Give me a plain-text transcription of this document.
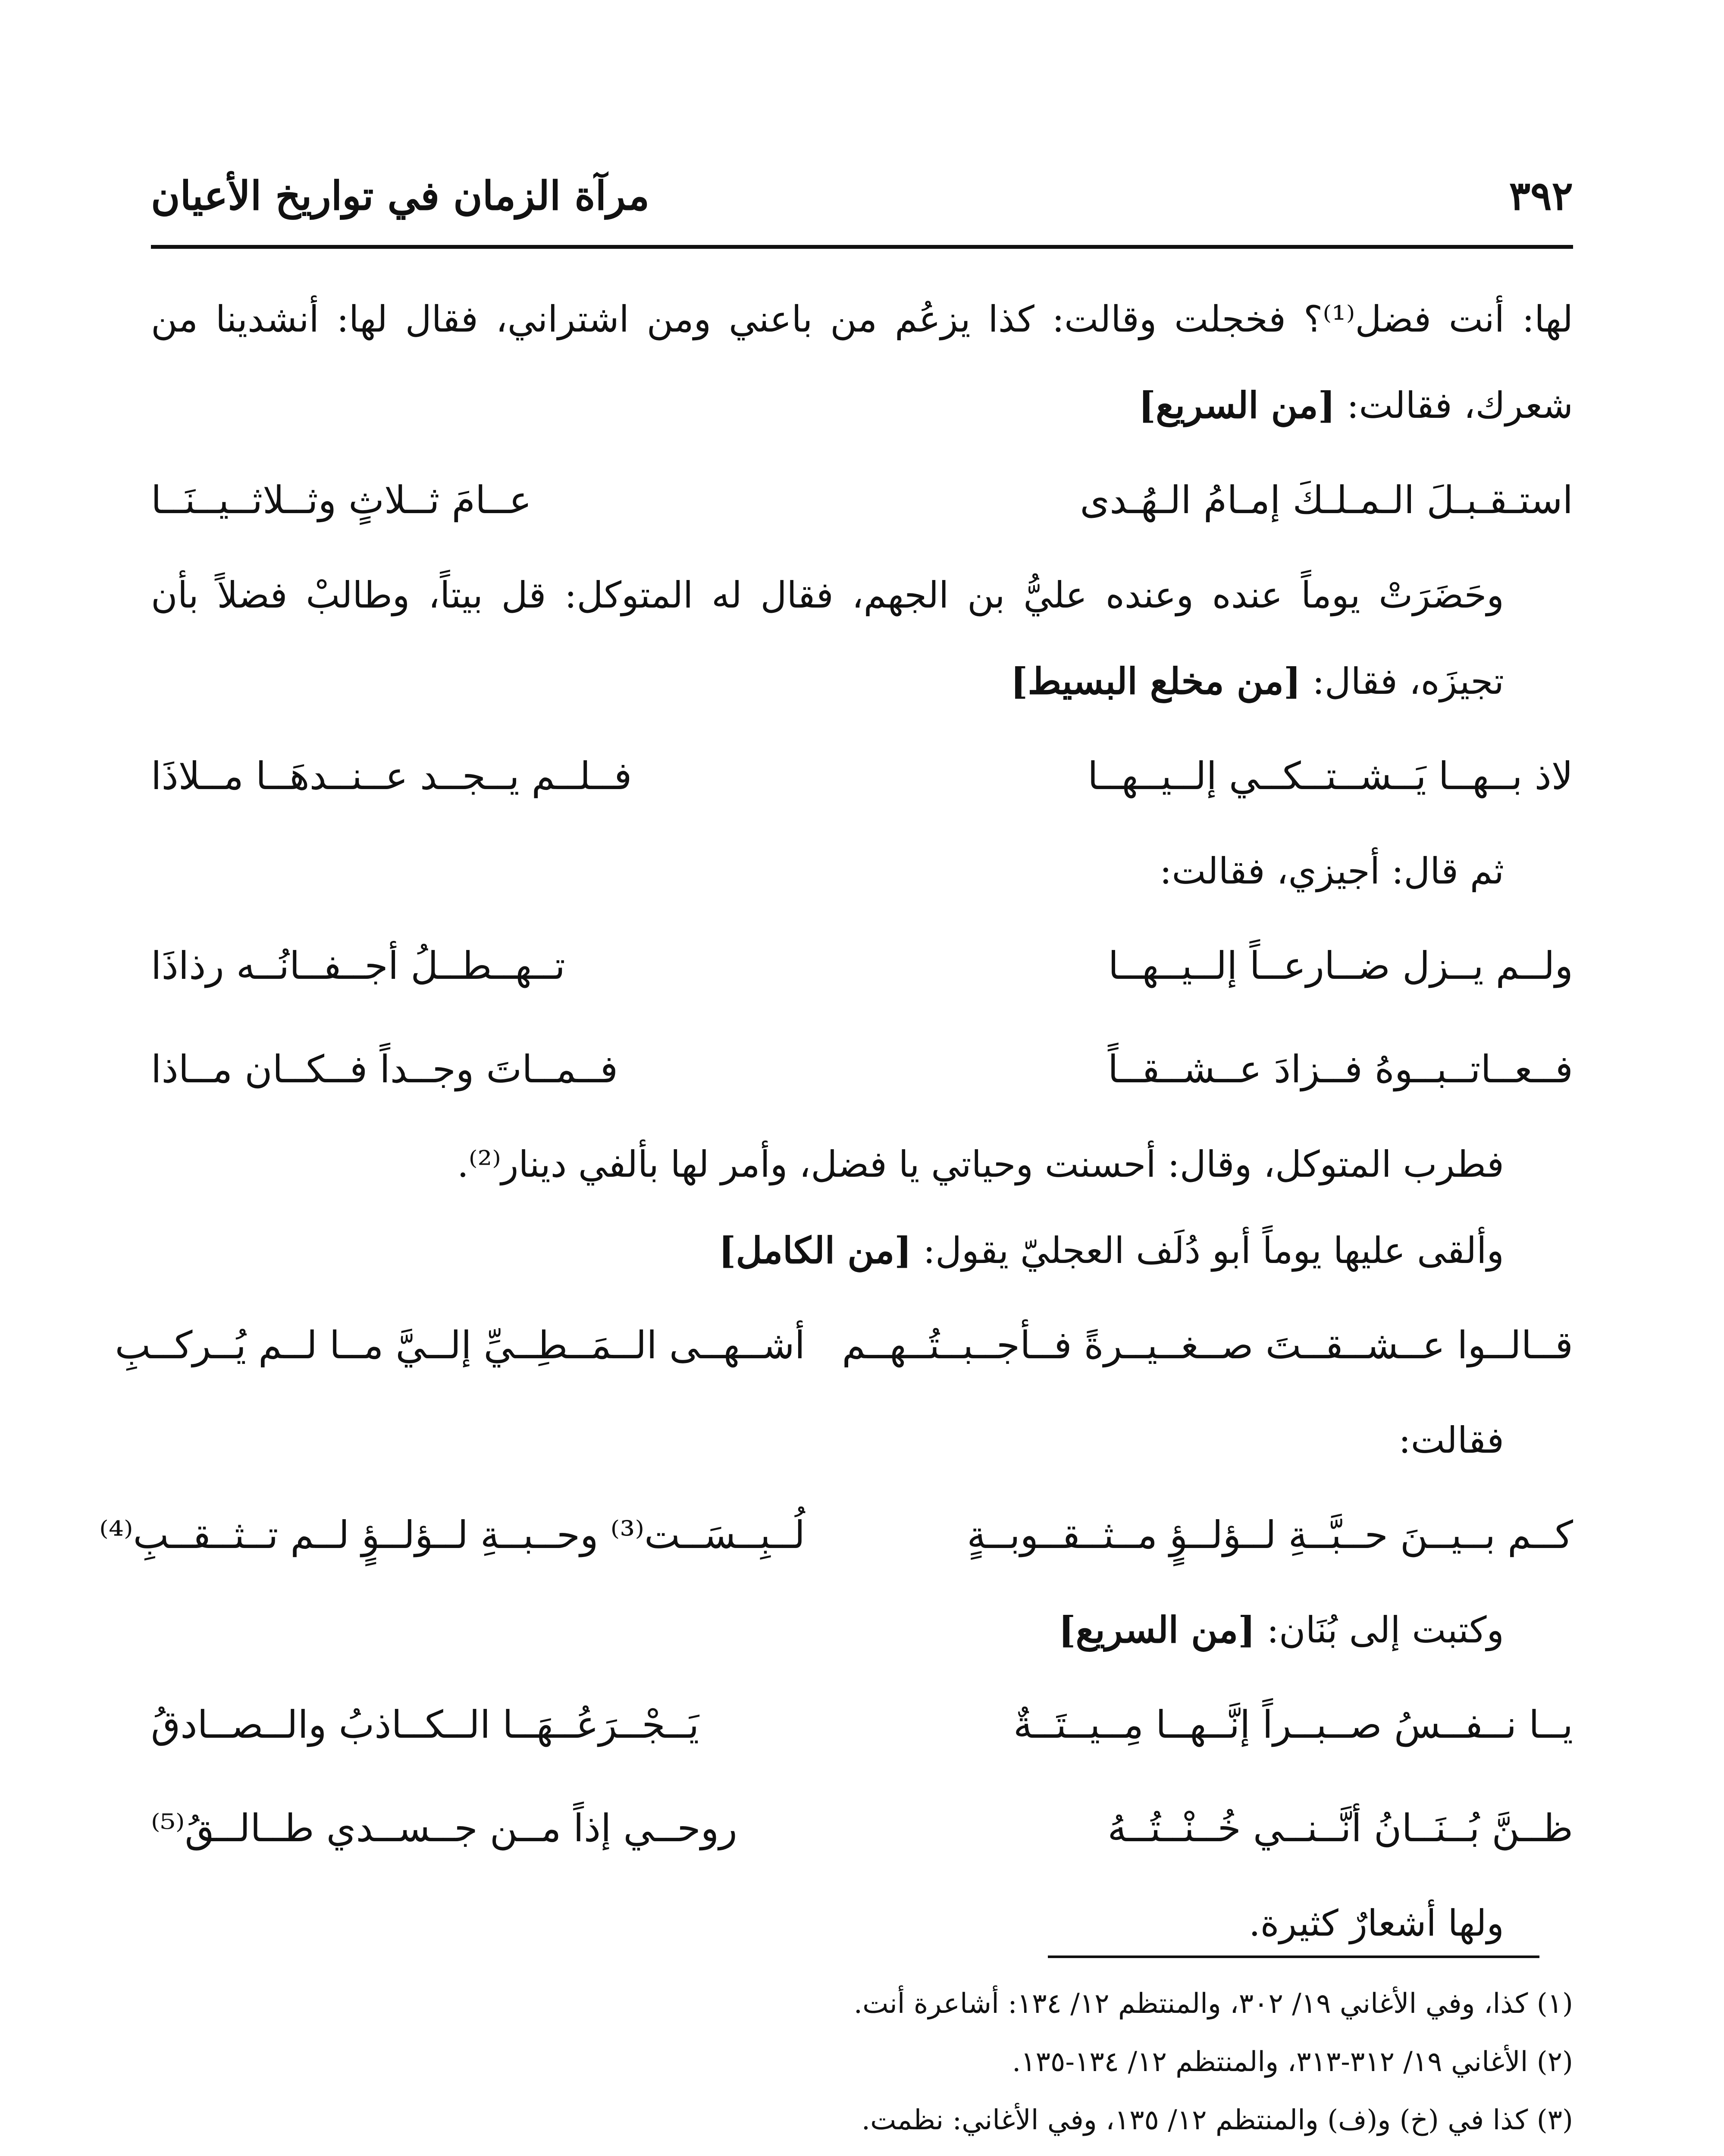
٣٩٢
مرآة الزمان في تواريخ الأعيان

لها: أنت فضل⁽¹⁾؟ فخجلت وقالت: كذا يزعُم من باعني ومن اشتراني، فقال لها: أنشدينا من شعرك، فقالت: [من السريع]

استـقـبـلَ الـمـلـكَ إمـامُ الـهُـدى
عــامَ ثــلاثٍ وثــلاثــيــنَــا

وحَضَرَتْ يوماً عنده وعنده عليُّ بن الجهم، فقال له المتوكل: قل بيتاً، وطالبْ فضلاً بأن تجيزَه، فقال: [من مخلع البسيط]

لاذ بــهــا يَــشــتــكــي إلــيــهــا
فــلــم يــجــد عــنــدهَــا مــلاذَا

ثم قال: أجيزي، فقالت:

ولــم يــزل ضــارعــاً إلــيــهــا
تــهــطــلُ أجــفــانُــه رذاذَا
فــعــاتــبــوهُ فــزادَ عــشــقــاً
فــمــاتَ وجــداً فــكــان مــاذا

فطرب المتوكل، وقال: أحسنت وحياتي يا فضل، وأمر لها بألفي دينار⁽²⁾.

وألقى عليها يوماً أبو دُلَف العجليّ يقول: [من الكامل]

قــالــوا عــشــقــتَ صــغــيــرةً فــأجــبــتُــهــم
أشــهــى الــمَــطِــيِّ إلــيَّ مــا لــم يُــركــبِ

فقالت:

كــم بــيــنَ حــبَّــةِ لــؤلــؤٍ مــثــقــوبــةٍ
لُــبِــسَــت⁽³⁾ وحــبــةِ لــؤلــؤٍ لــم تــثــقــبِ⁽⁴⁾

وكتبت إلى بُنَان: [من السريع]

يــا نــفــسُ صــبــراً إنَّــهــا مِــيــتَــةٌ
يَــجْــرَعُــهَــا الــكــاذبُ والــصــادقُ
ظــنَّ بُــنَــانُ أنَّــنــي خُــنْــتُــهُ
روحــي إذاً مــن جــســدي طــالــقُ⁽⁵⁾

ولها أشعارٌ كثيرة.

(١) كذا، وفي الأغاني ١٩/ ٣٠٢، والمنتظم ١٢/ ١٣٤: أشاعرة أنت.

(٢) الأغاني ١٩/ ٣١٢-٣١٣، والمنتظم ١٢/ ١٣٤-١٣٥.

(٣) كذا في (خ) و(ف) والمنتظم ١٢/ ١٣٥، وفي الأغاني: نظمت.
